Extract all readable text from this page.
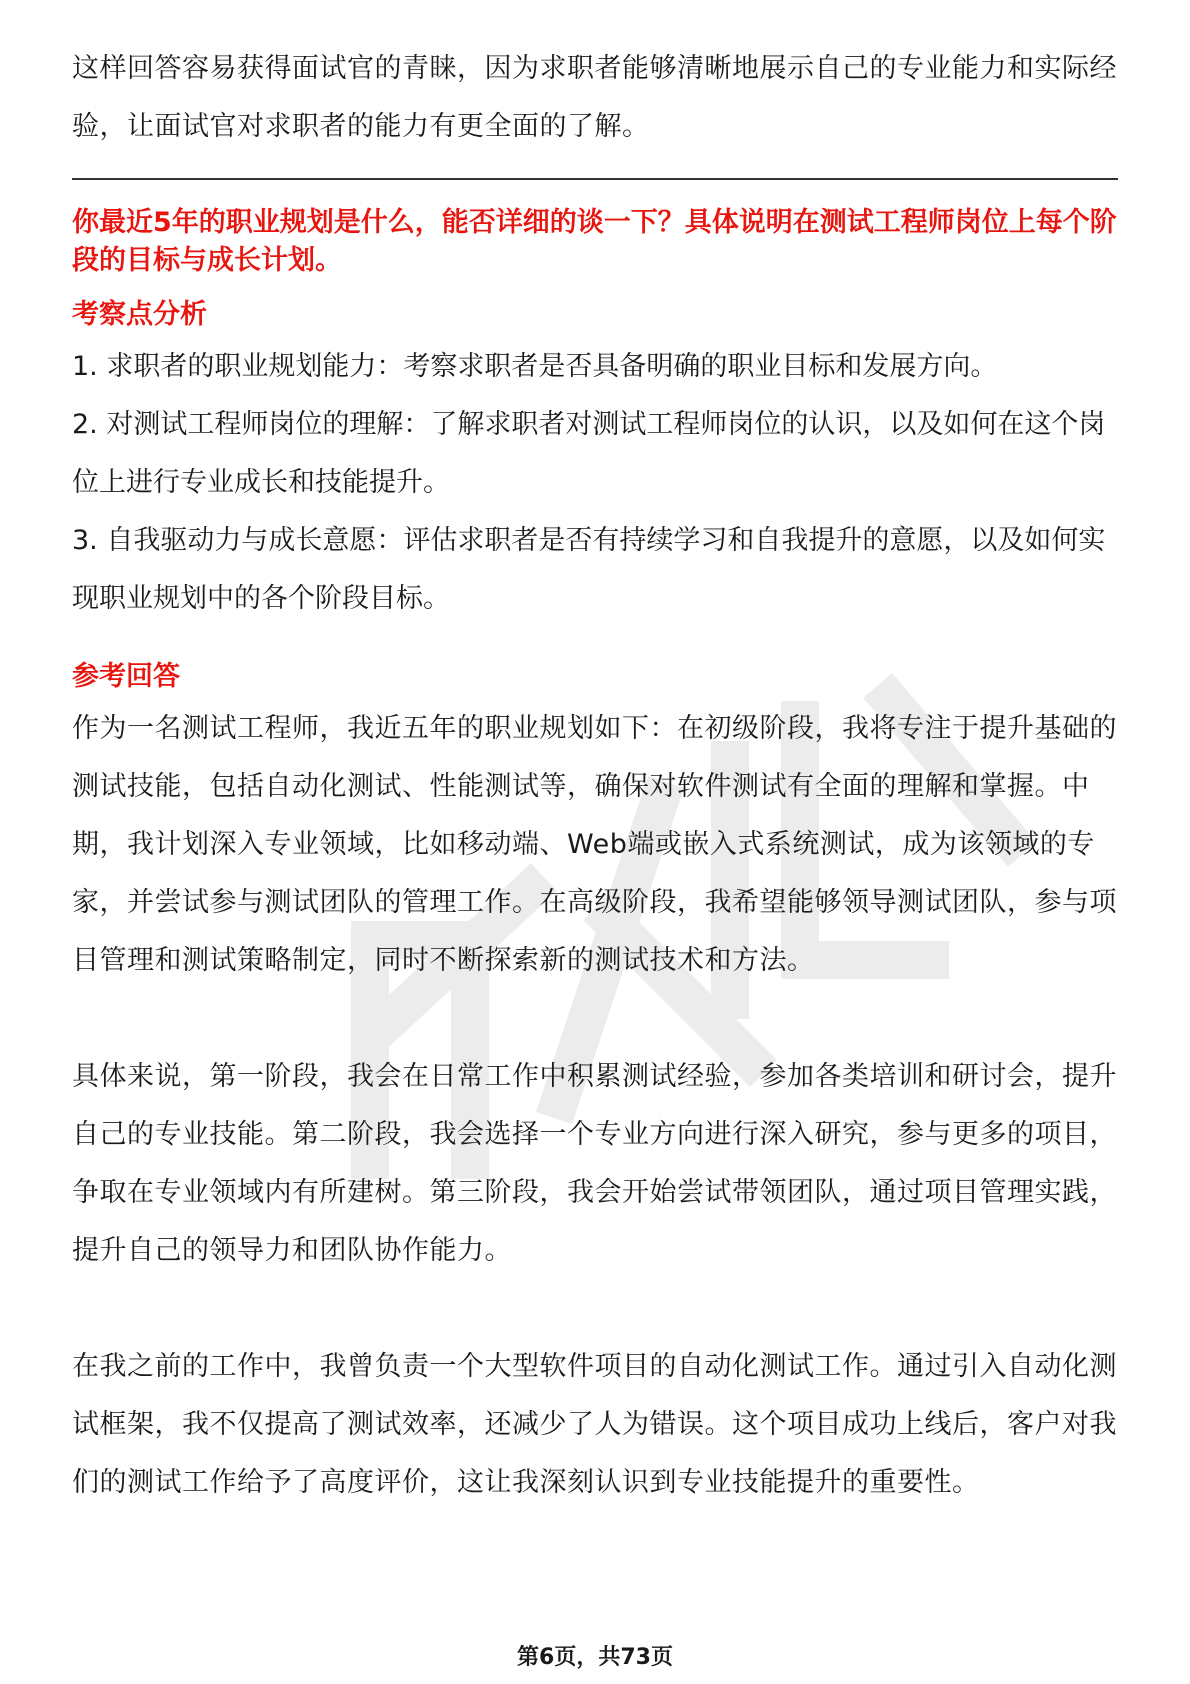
这样回答容易获得面试官的青睐，因为求职者能够清晰地展示自己的专业能力和实际经验，让面试官对求职者的能力有更全面的了解。

你最近5年的职业规划是什么，能否详细的谈一下？具体说明在测试工程师岗位上每个阶段的目标与成长计划。

考察点分析

1. 求职者的职业规划能力：考察求职者是否具备明确的职业目标和发展方向。

2. 对测试工程师岗位的理解：了解求职者对测试工程师岗位的认识，以及如何在这个岗位上进行专业成长和技能提升。

3. 自我驱动力与成长意愿：评估求职者是否有持续学习和自我提升的意愿，以及如何实现职业规划中的各个阶段目标。

参考回答

作为一名测试工程师，我近五年的职业规划如下：在初级阶段，我将专注于提升基础的测试技能，包括自动化测试、性能测试等，确保对软件测试有全面的理解和掌握。中期，我计划深入专业领域，比如移动端、Web端或嵌入式系统测试，成为该领域的专家，并尝试参与测试团队的管理工作。在高级阶段，我希望能够领导测试团队，参与项目管理和测试策略制定，同时不断探索新的测试技术和方法。

具体来说，第一阶段，我会在日常工作中积累测试经验，参加各类培训和研讨会，提升自己的专业技能。第二阶段，我会选择一个专业方向进行深入研究，参与更多的项目，争取在专业领域内有所建树。第三阶段，我会开始尝试带领团队，通过项目管理实践，提升自己的领导力和团队协作能力。

在我之前的工作中，我曾负责一个大型软件项目的自动化测试工作。通过引入自动化测试框架，我不仅提高了测试效率，还减少了人为错误。这个项目成功上线后，客户对我们的测试工作给予了高度评价，这让我深刻认识到专业技能提升的重要性。

第6页，共73页
